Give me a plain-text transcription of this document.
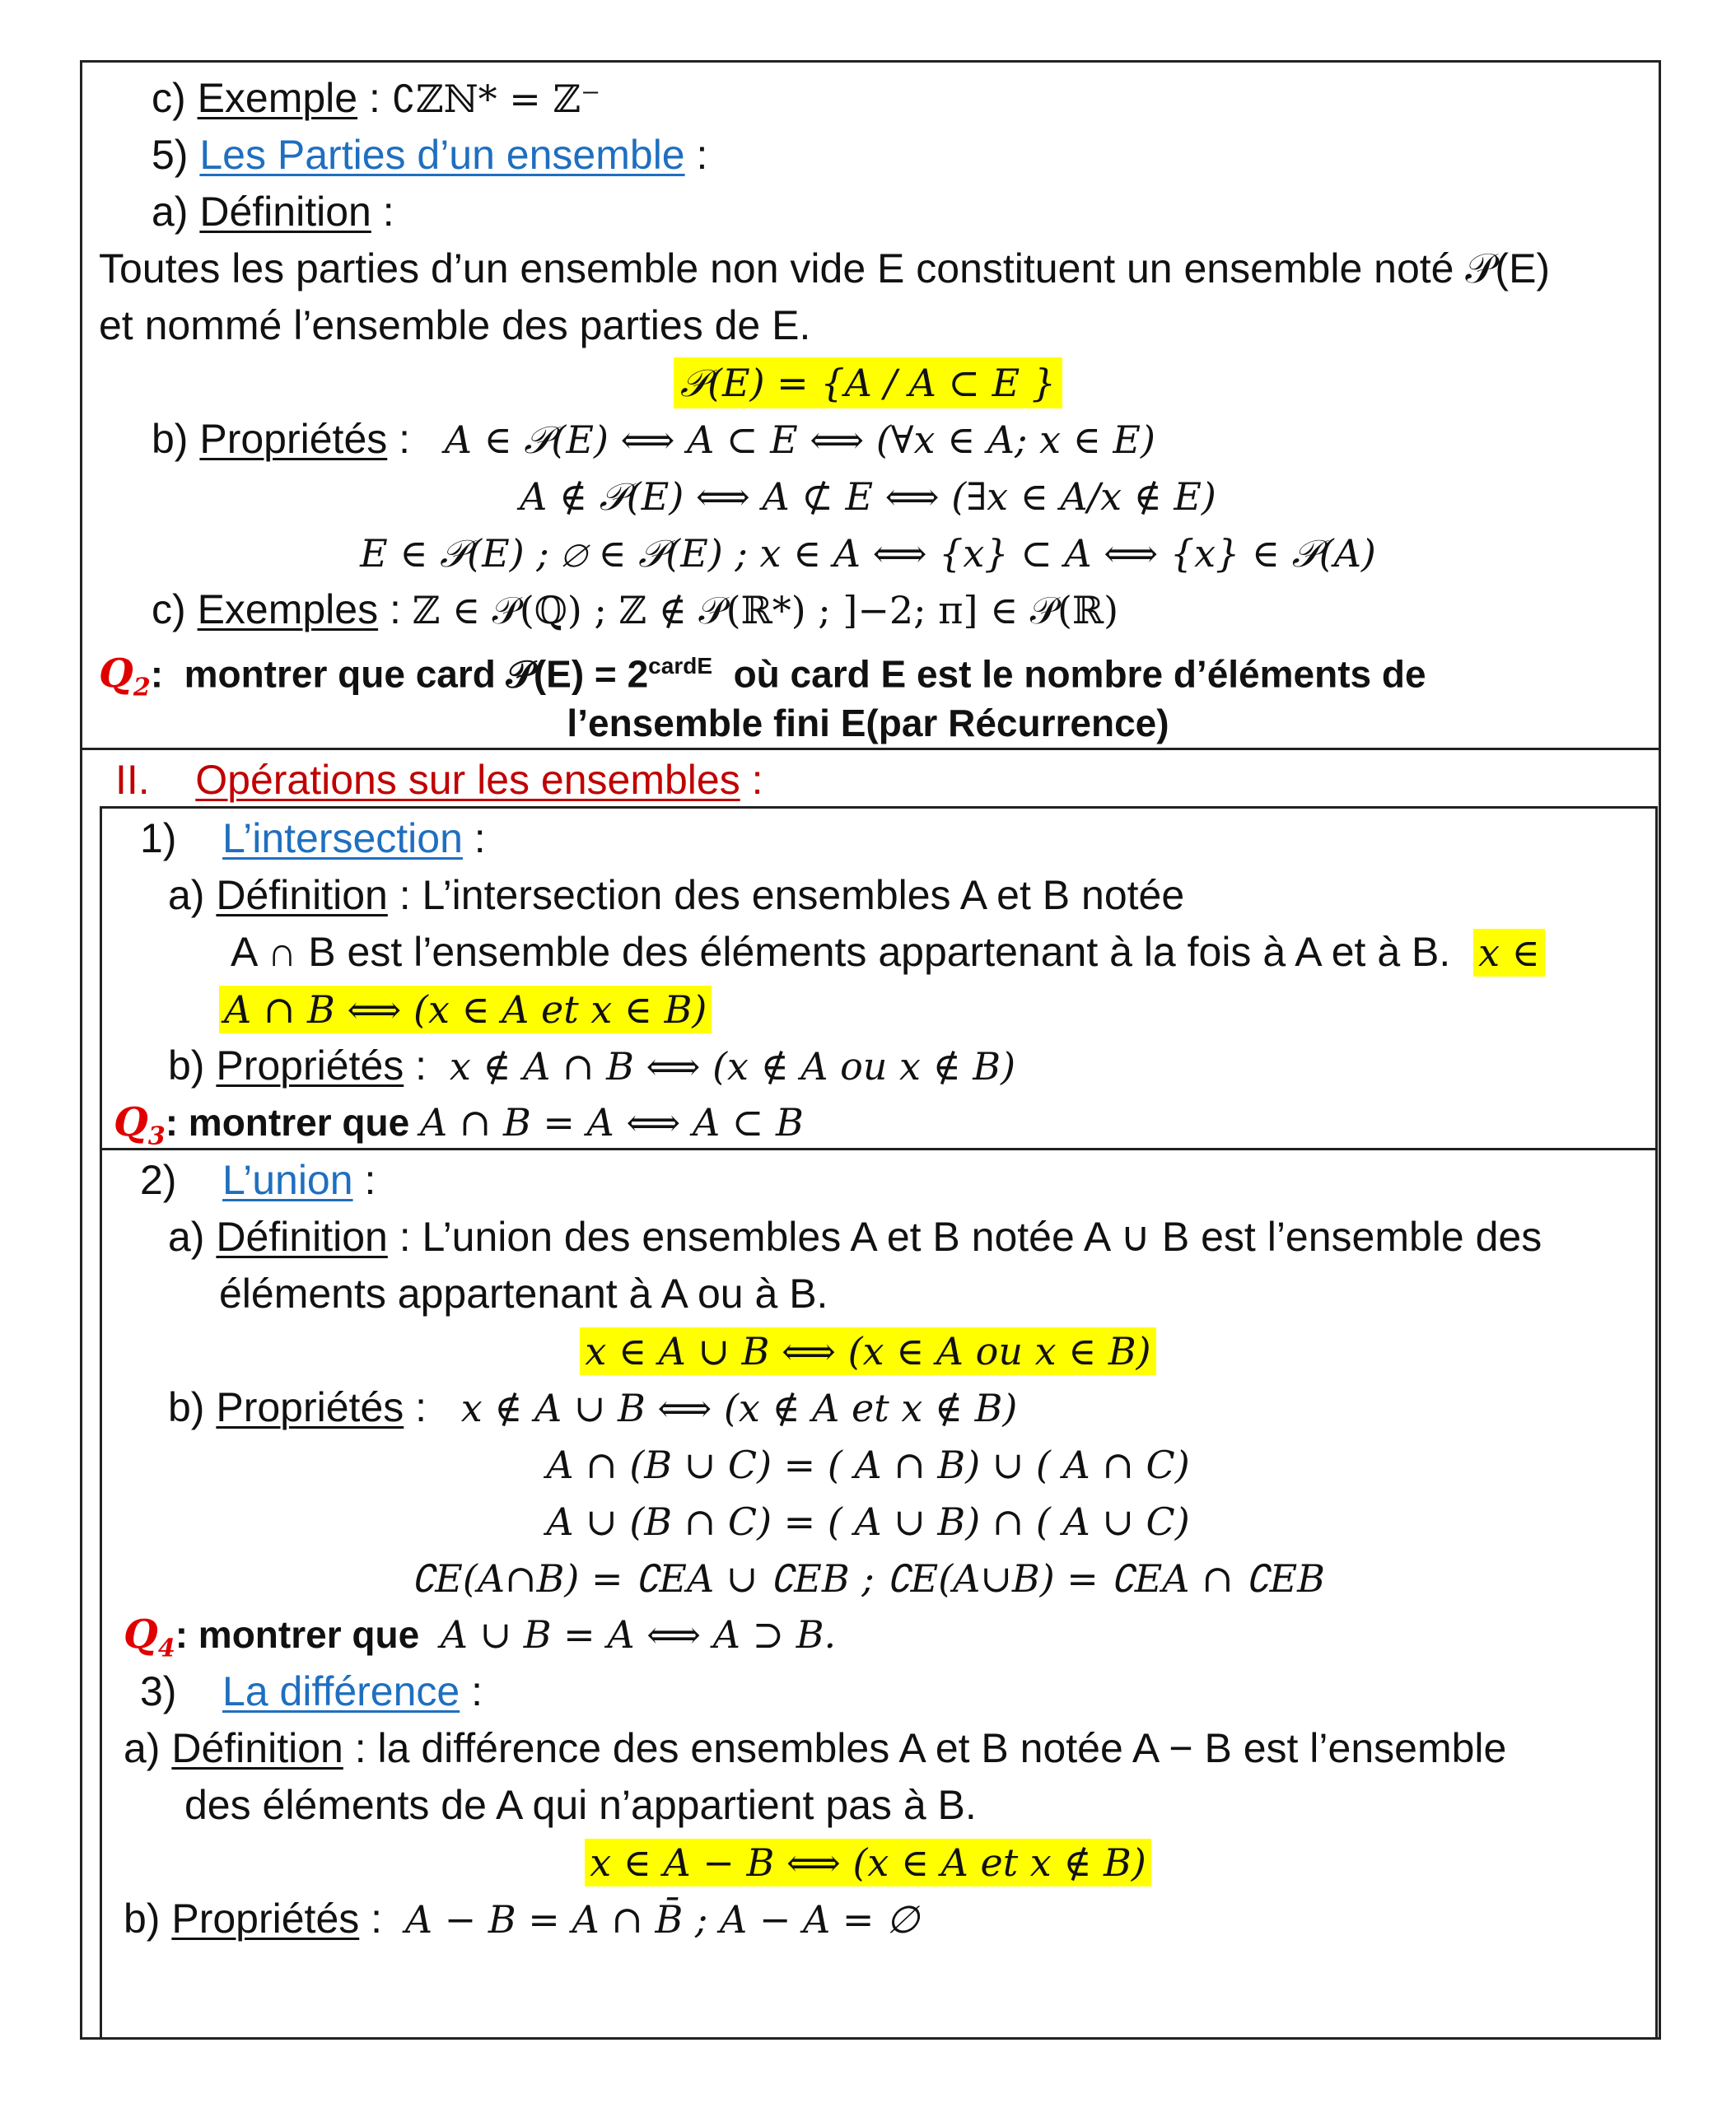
c) Exemple : ∁ℤℕ* = ℤ⁻
5) Les Parties d’un ensemble :
a) Définition :
Toutes les parties d’un ensemble non vide E constituent un ensemble noté 𝒫(E)
et nommé l’ensemble des parties de E.
𝒫(E) = {A / A ⊂ E }
b) Propriétés :   A ∈ 𝒫(E) ⟺ A ⊂ E ⟺ (∀x ∈ A; x ∈ E)
A ∉ 𝒫(E) ⟺ A ⊄ E ⟺ (∃x ∈ A/x ∉ E)
E ∈ 𝒫(E) ; ∅ ∈ 𝒫(E) ; x ∈ A ⟺ {x} ⊂ A ⟺ {x} ∈ 𝒫(A)
c) Exemples : ℤ ∈ 𝒫(ℚ) ; ℤ ∉ 𝒫(ℝ*) ; ]−2; π] ∈ 𝒫(ℝ)
$Q_2$:  montrer que card 𝒫(E) = $2^{cardE}$ où card E est le nombre d’éléments de
l’ensemble fini E(par Récurrence)
II. Opérations sur les ensembles :
1) L’intersection :
a) Définition : L’intersection des ensembles A et B notée
A ∩ B est l’ensemble des éléments appartenant à la fois à A et à B. x ∈
A ∩ B ⟺ (x ∈ A et x ∈ B)
b) Propriétés :  x ∉ A ∩ B ⟺ (x ∉ A ou x ∉ B)
$Q_3$: montrer que A ∩ B = A ⟺ A ⊂ B
2) L’union :
a) Définition : L’union des ensembles A et B notée A ∪ B est l’ensemble des
éléments appartenant à A ou à B.
x ∈ A ∪ B ⟺ (x ∈ A ou x ∈ B)
b) Propriétés :   x ∉ A ∪ B ⟺ (x ∉ A et x ∉ B)
A ∩ (B ∪ C) = ( A ∩ B) ∪ ( A ∩ C)
A ∪ (B ∩ C) = ( A ∪ B) ∩ ( A ∪ C)
∁E(A∩B) = ∁EA ∪ ∁EB ; ∁E(A∪B) = ∁EA ∩ ∁EB
$Q_4$: montrer que A ∪ B = A ⟺ A ⊃ B.
3) La différence :
a) Définition : la différence des ensembles A et B notée A − B est l’ensemble
des éléments de A qui n’appartient pas à B.
x ∈ A − B ⟺ (x ∈ A et x ∉ B)
b) Propriétés :  A − B = A ∩ B̄ ; A − A = ∅
